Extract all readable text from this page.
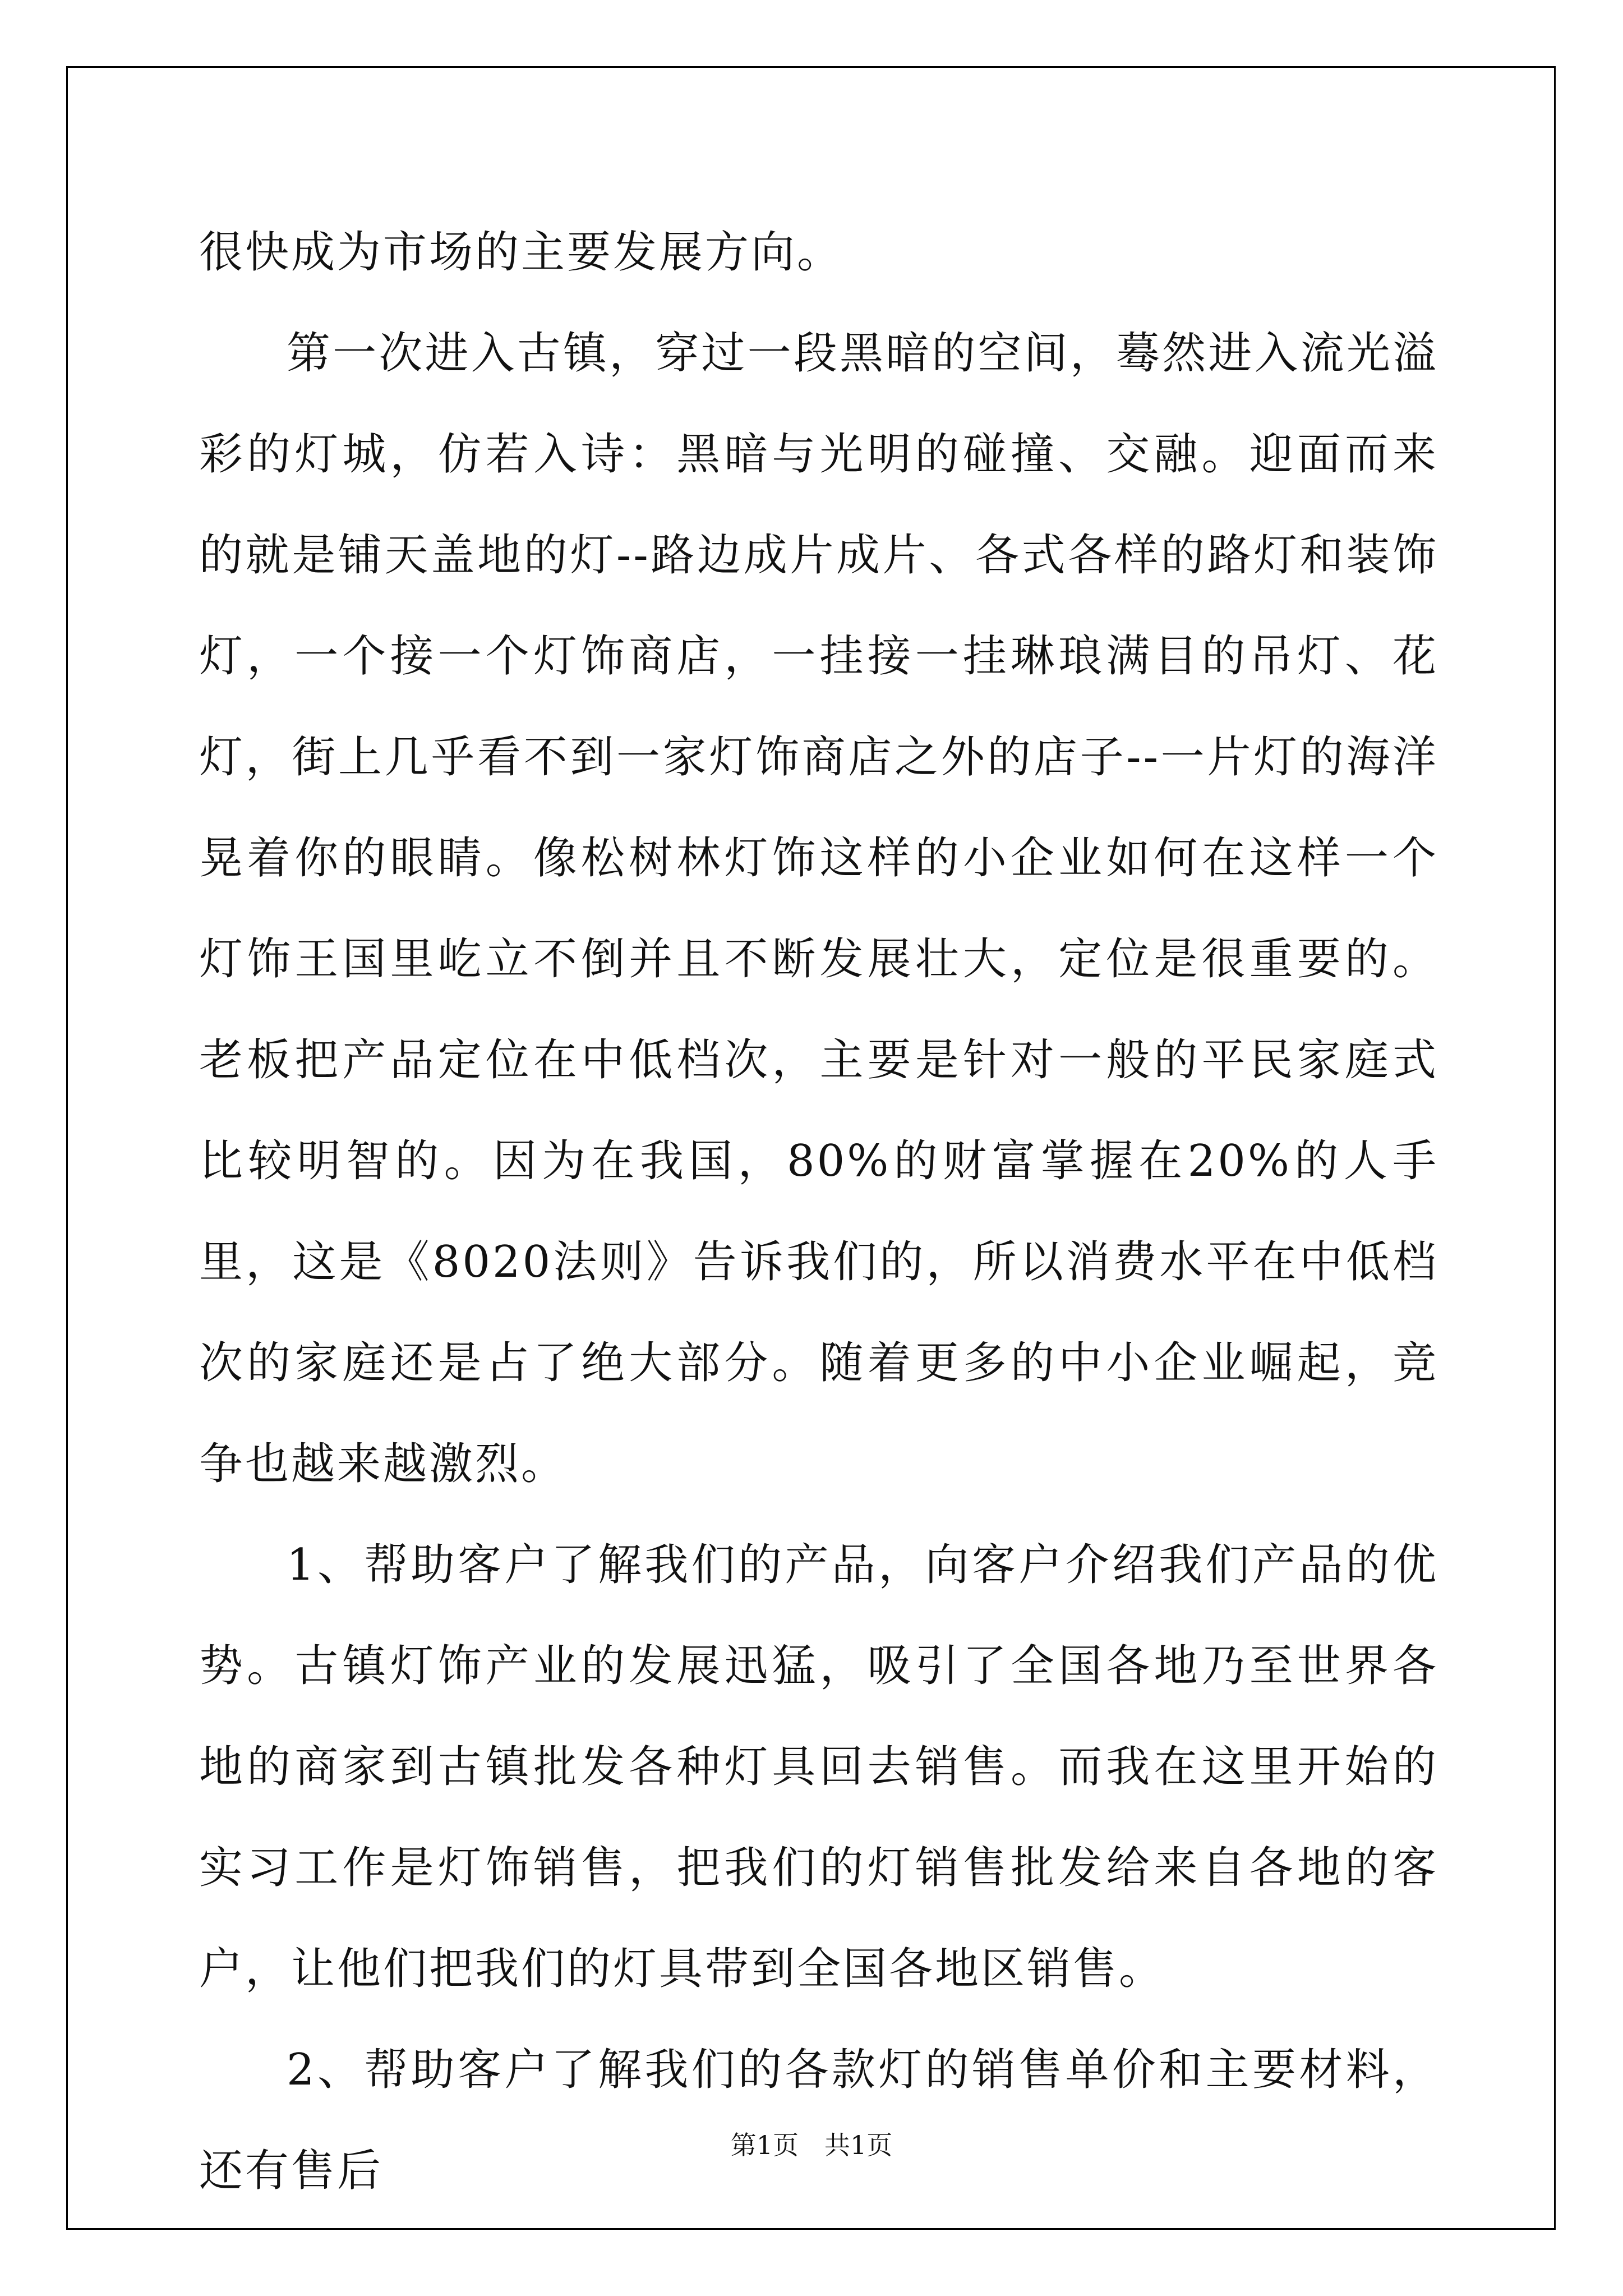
很快成为市场的主要发展方向。

第一次进入古镇，穿过一段黑暗的空间，蓦然进入流光溢彩的灯城，仿若入诗：黑暗与光明的碰撞、交融。迎面而来的就是铺天盖地的灯--路边成片成片、各式各样的路灯和装饰灯，一个接一个灯饰商店，一挂接一挂琳琅满目的吊灯、花灯，街上几乎看不到一家灯饰商店之外的店子--一片灯的海洋晃着你的眼睛。像松树林灯饰这样的小企业如何在这样一个灯饰王国里屹立不倒并且不断发展壮大，定位是很重要的。老板把产品定位在中低档次，主要是针对一般的平民家庭式比较明智的。因为在我国，80%的财富掌握在20%的人手里，这是《8020法则》告诉我们的，所以消费水平在中低档次的家庭还是占了绝大部分。随着更多的中小企业崛起，竞争也越来越激烈。

1、帮助客户了解我们的产品，向客户介绍我们产品的优势。古镇灯饰产业的发展迅猛，吸引了全国各地乃至世界各地的商家到古镇批发各种灯具回去销售。而我在这里开始的实习工作是灯饰销售，把我们的灯销售批发给来自各地的客户，让他们把我们的灯具带到全国各地区销售。

2、帮助客户了解我们的各款灯的销售单价和主要材料，还有售后

第1页　共1页
